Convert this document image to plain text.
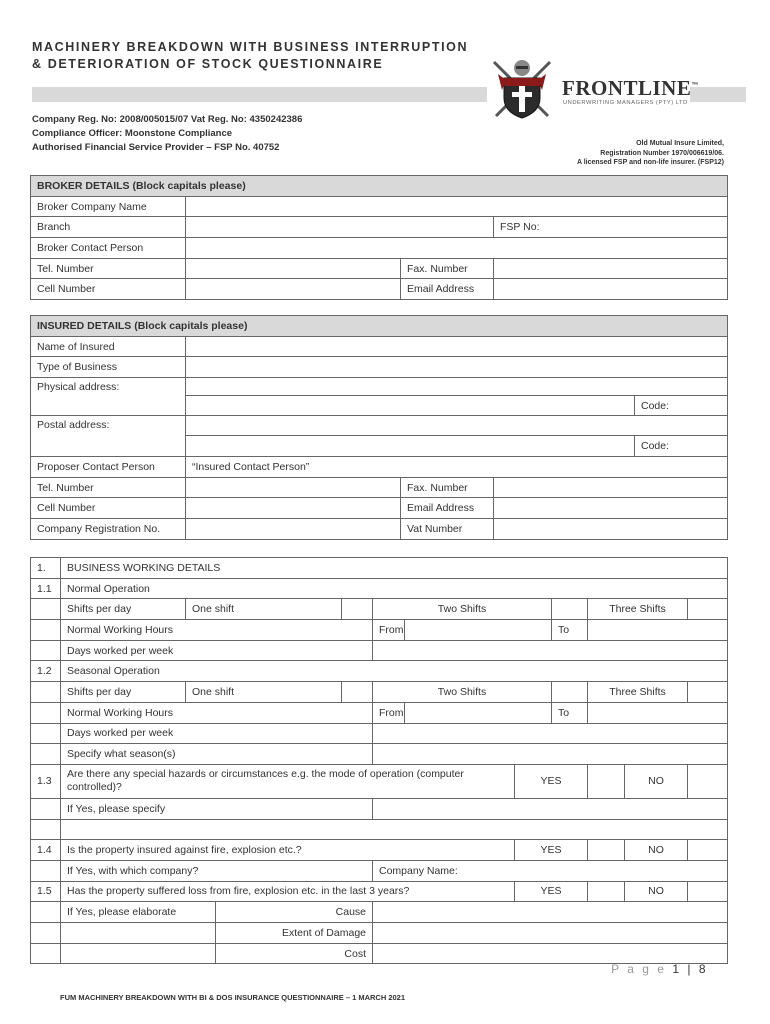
MACHINERY BREAKDOWN WITH BUSINESS INTERRUPTION
& DETERIORATION OF STOCK QUESTIONNAIRE
FRONTLINE™
UNDERWRITING MANAGERS (PTY) LTD
Company Reg. No: 2008/005015/07 Vat Reg. No: 4350242386
Compliance Officer: Moonstone Compliance
Authorised Financial Service Provider – FSP No. 40752	Old Mutual Insure Limited,
Registration Number 1970/006619/06.
A licensed FSP and non-life insurer. (FSP12)
BROKER DETAILS (Block capitals please)			
Broker Company Name			
Branch			FSP No:
Broker Contact Person			
Tel. Number		Fax. Number	
Cell Number		Email Address	
INSURED DETAILS (Block capitals please)				
Name of Insured				
Type of Business				
Physical address:				
				Code:
Postal address:				
				Code:
Proposer Contact Person	“Insured Contact Person”			
Tel. Number		Fax. Number		
Cell Number		Email Address		
Company Registration No.		Vat Number		
1.	BUSINESS WORKING DETAILS										
1.1	Normal Operation										
	Shifts per day	One shift			Two Shifts				Three Shifts		
	Normal Working Hours				From			To			
	Days worked per week										
1.2	Seasonal Operation										
	Shifts per day	One shift			Two Shifts				Three Shifts		
	Normal Working Hours				From			To			
	Days worked per week										
	Specify what season(s)										
1.3	Are there any special hazards or circumstances e.g. the mode of operation (computer controlled)?						YES			NO	
	If Yes, please specify										

1.4	Is the property insured against fire, explosion etc.?						YES			NO	
	If Yes, with which company?				Company Name:						
1.5	Has the property suffered loss from fire, explosion etc. in the last 3 years?						YES			NO	
	If Yes, please elaborate		Cause								
			Extent of Damage								
			Cost								
P a g e 1 | 8
FUM MACHINERY BREAKDOWN WITH BI & DOS INSURANCE QUESTIONNAIRE – 1 MARCH 2021
